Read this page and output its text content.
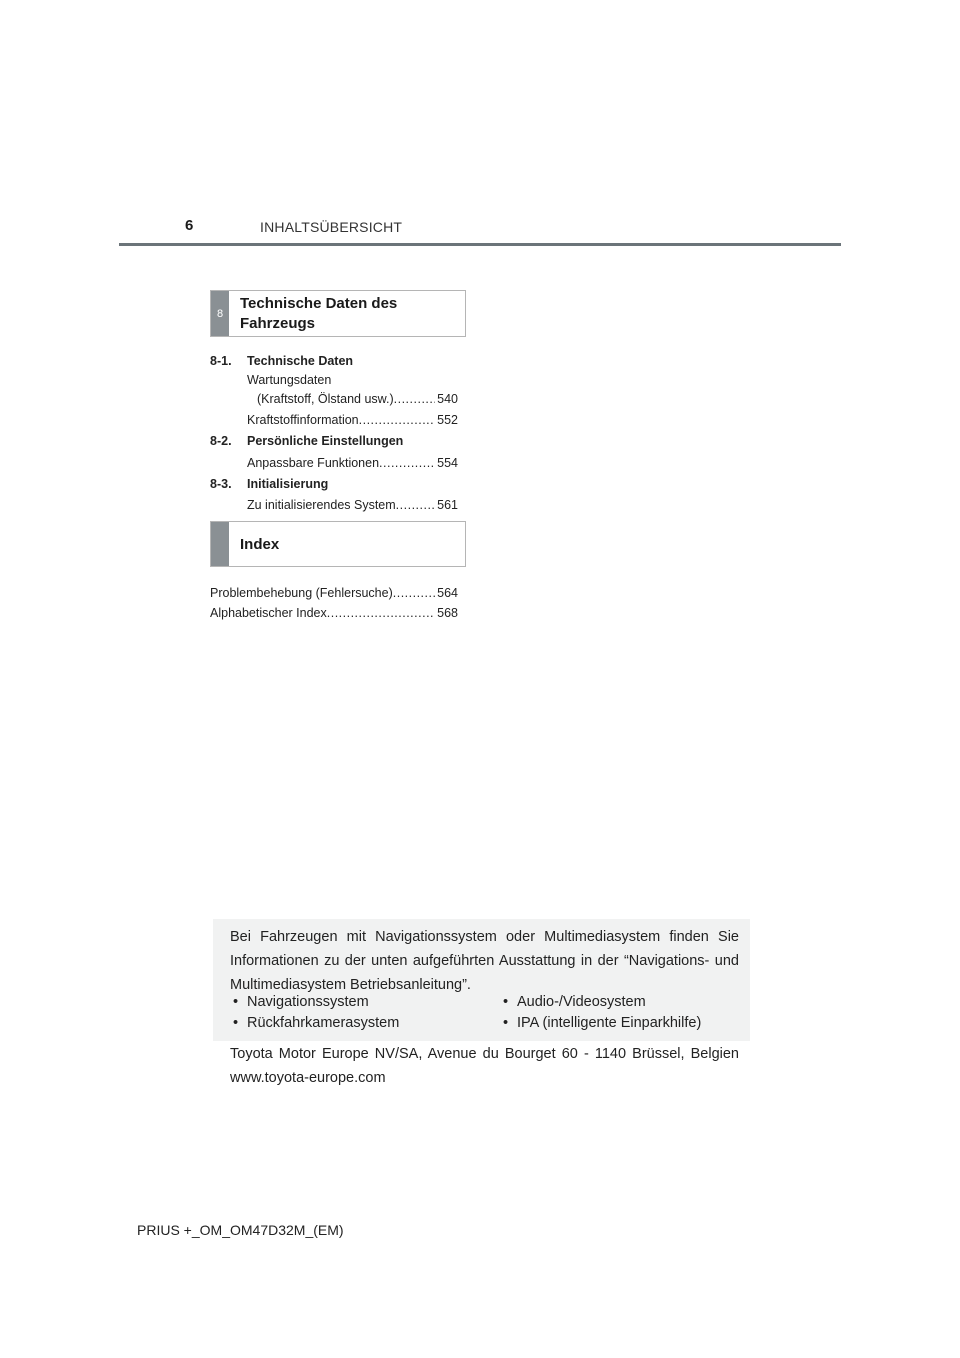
6	INHALTSÜBERSICHT
8
Technische Daten des
Fahrzeugs
8-1. Technische Daten
Wartungsdaten
(Kraftstoff, Ölstand usw.) .....	540
Kraftstoffinformation .....	552
8-2. Persönliche Einstellungen
Anpassbare Funktionen .....	554
8-3. Initialisierung
Zu initialisierendes System .....	561
Index
Problembehebung (Fehlersuche) .....	564
Alphabetischer Index .....	568
Bei Fahrzeugen mit Navigationssystem oder Multimediasystem finden Sie Informationen zu der unten aufgeführten Ausstattung in der “Navigations- und Multimediasystem Betriebsanleitung”.
• Navigationssystem	• Audio-/Videosystem
• Rückfahrkamerasystem	• IPA (intelligente Einparkhilfe)
Toyota Motor Europe NV/SA, Avenue du Bourget 60 - 1140 Brüssel, Belgien www.toyota-europe.com
PRIUS +_OM_OM47D32M_(EM)
